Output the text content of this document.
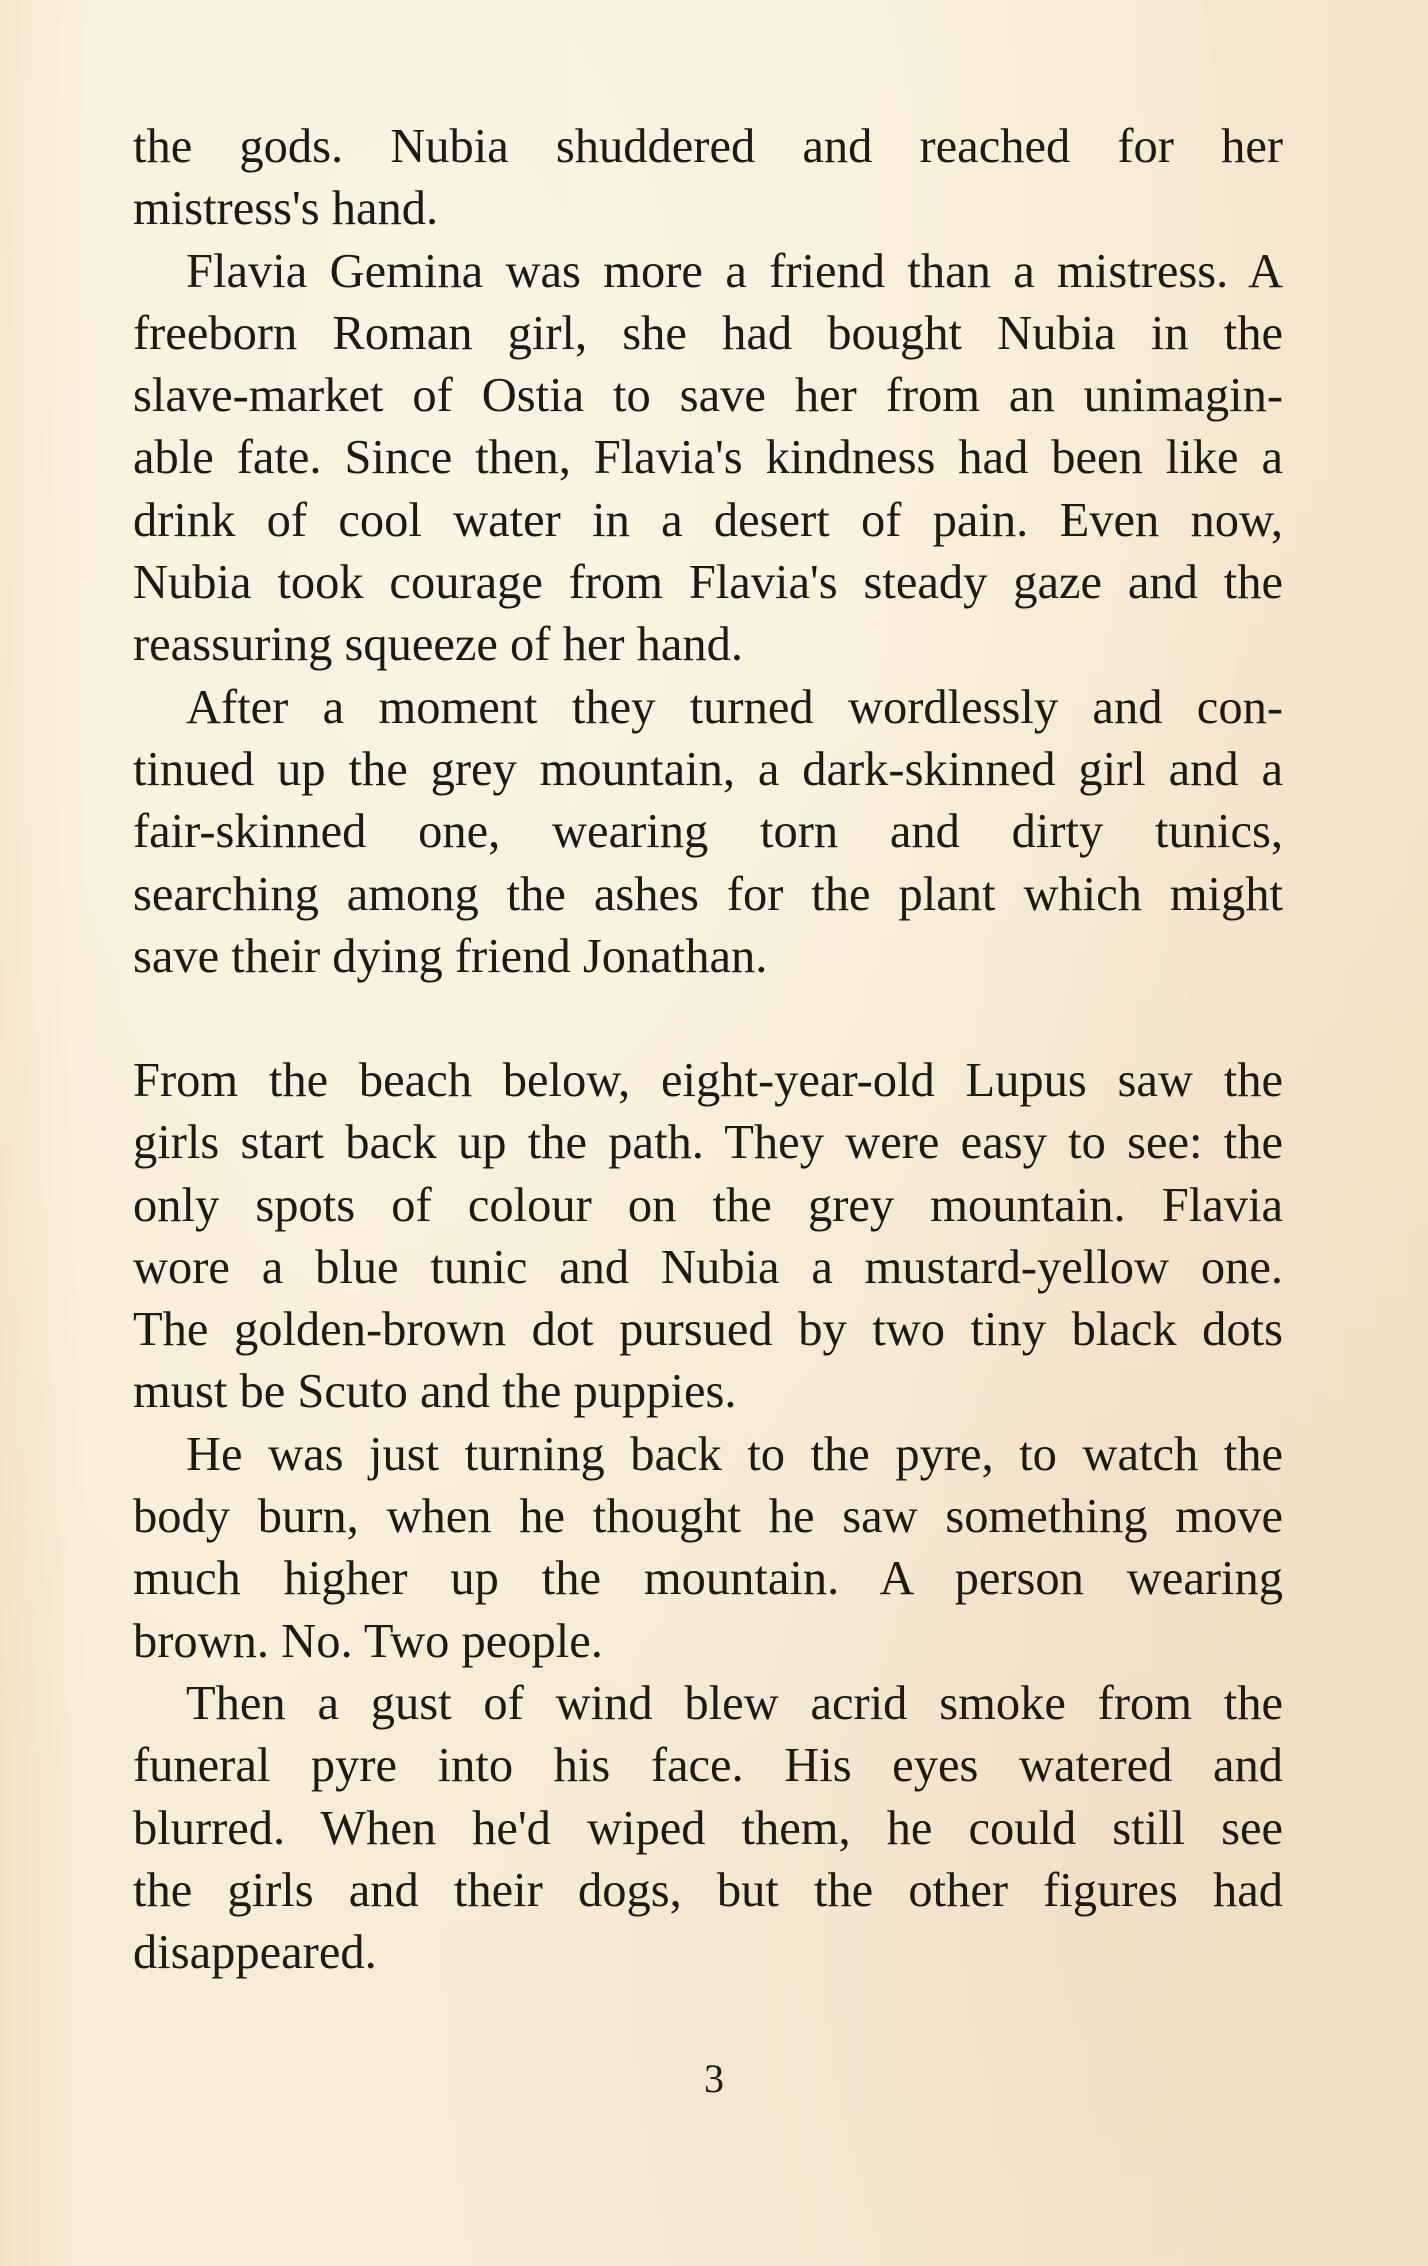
the gods. Nubia shuddered and reached for her
mistress's hand.
Flavia Gemina was more a friend than a mistress. A
freeborn Roman girl, she had bought Nubia in the
slave-market of Ostia to save her from an unimagin-
able fate. Since then, Flavia's kindness had been like a
drink of cool water in a desert of pain. Even now,
Nubia took courage from Flavia's steady gaze and the
reassuring squeeze of her hand.
After a moment they turned wordlessly and con-
tinued up the grey mountain, a dark-skinned girl and a
fair-skinned one, wearing torn and dirty tunics,
searching among the ashes for the plant which might
save their dying friend Jonathan.
From the beach below, eight-year-old Lupus saw the
girls start back up the path. They were easy to see: the
only spots of colour on the grey mountain. Flavia
wore a blue tunic and Nubia a mustard-yellow one.
The golden-brown dot pursued by two tiny black dots
must be Scuto and the puppies.
He was just turning back to the pyre, to watch the
body burn, when he thought he saw something move
much higher up the mountain. A person wearing
brown. No. Two people.
Then a gust of wind blew acrid smoke from the
funeral pyre into his face. His eyes watered and
blurred. When he'd wiped them, he could still see
the girls and their dogs, but the other figures had
disappeared.
3
